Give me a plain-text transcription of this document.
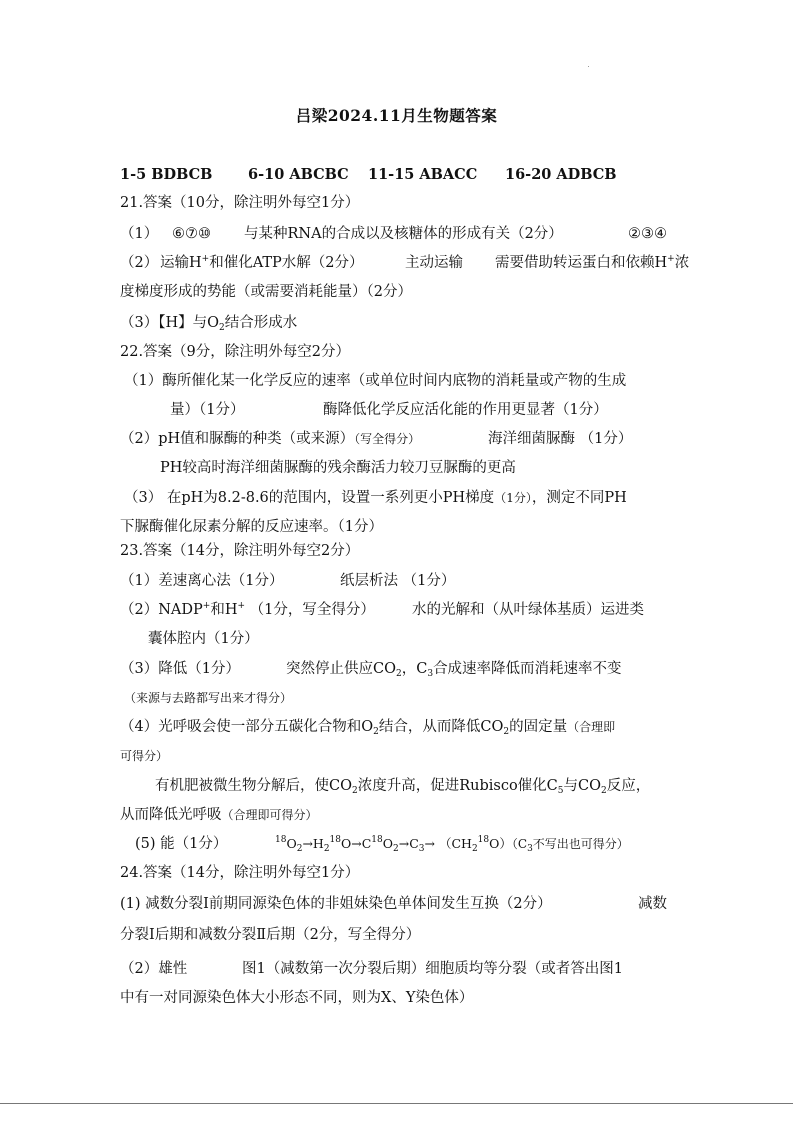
吕梁2024.11月生物题答案
1-5 BDBCB 6-10 ABCBC 11-15 ABACC 16-20 ADBCB
21.答案（10分，除注明外每空1分）
（1） ⑥⑦⑩ 与某种RNA的合成以及核糖体的形成有关（2分）	②③④
（2） 运输H+和催化ATP水解（2分）	主动运输 需要借助转运蛋白和依赖H+浓
度梯度形成的势能（或需要消耗能量）（2分）
（3）【H】与$O_2$结合形成水
22.答案（9分，除注明外每空2分）
（1）酶所催化某一化学反应的速率（或单位时间内底物的消耗量或产物的生成
量）（1分）	酶降低化学反应活化能的作用更显著（1分）
（2）pH值和脲酶的种类（或来源）（写全得分）	海洋细菌脲酶 （1分）
PH较高时海洋细菌脲酶的残余酶活力较刀豆脲酶的更高
（3） 在pH为8.2-8.6的范围内，设置一系列更小PH梯度（1分），测定不同PH
下脲酶催化尿素分解的反应速率。（1分）
23.答案（14分，除注明外每空2分）
（1）差速离心法（1分）	纸层析法 （1分）
（2）NADP+和H+ （1分，写全得分）	水的光解和（从叶绿体基质）运进类
囊体腔内（1分）
（3）降低（1分）	突然停止供应$CO_2$，$C_3$合成速率降低而消耗速率不变
（来源与去路都写出来才得分）
（4）光呼吸会使一部分五碳化合物和$O_2$结合，从而降低$CO_2$的固定量（合理即
可得分）
有机肥被微生物分解后，使$CO_2$浓度升高，促进Rubisco催化$C_5$与$CO_2$反应，
从而降低光呼吸（合理即可得分）
(5) 能（1分）	$^{18}O_2\to H_2^{18}O\to C^{18}O_2\to C_3\to (CH_2^{18}O)(C_3$不写出也可得分）
24.答案（14分，除注明外每空1分）
(1) 减数分裂Ⅰ前期同源染色体的非姐妹染色单体间发生互换（2分）	减数
分裂Ⅰ后期和减数分裂Ⅱ后期（2分，写全得分）
（2）雄性	图1（减数第一次分裂后期）细胞质均等分裂（或者答出图1
中有一对同源染色体大小形态不同，则为X、Y染色体）
